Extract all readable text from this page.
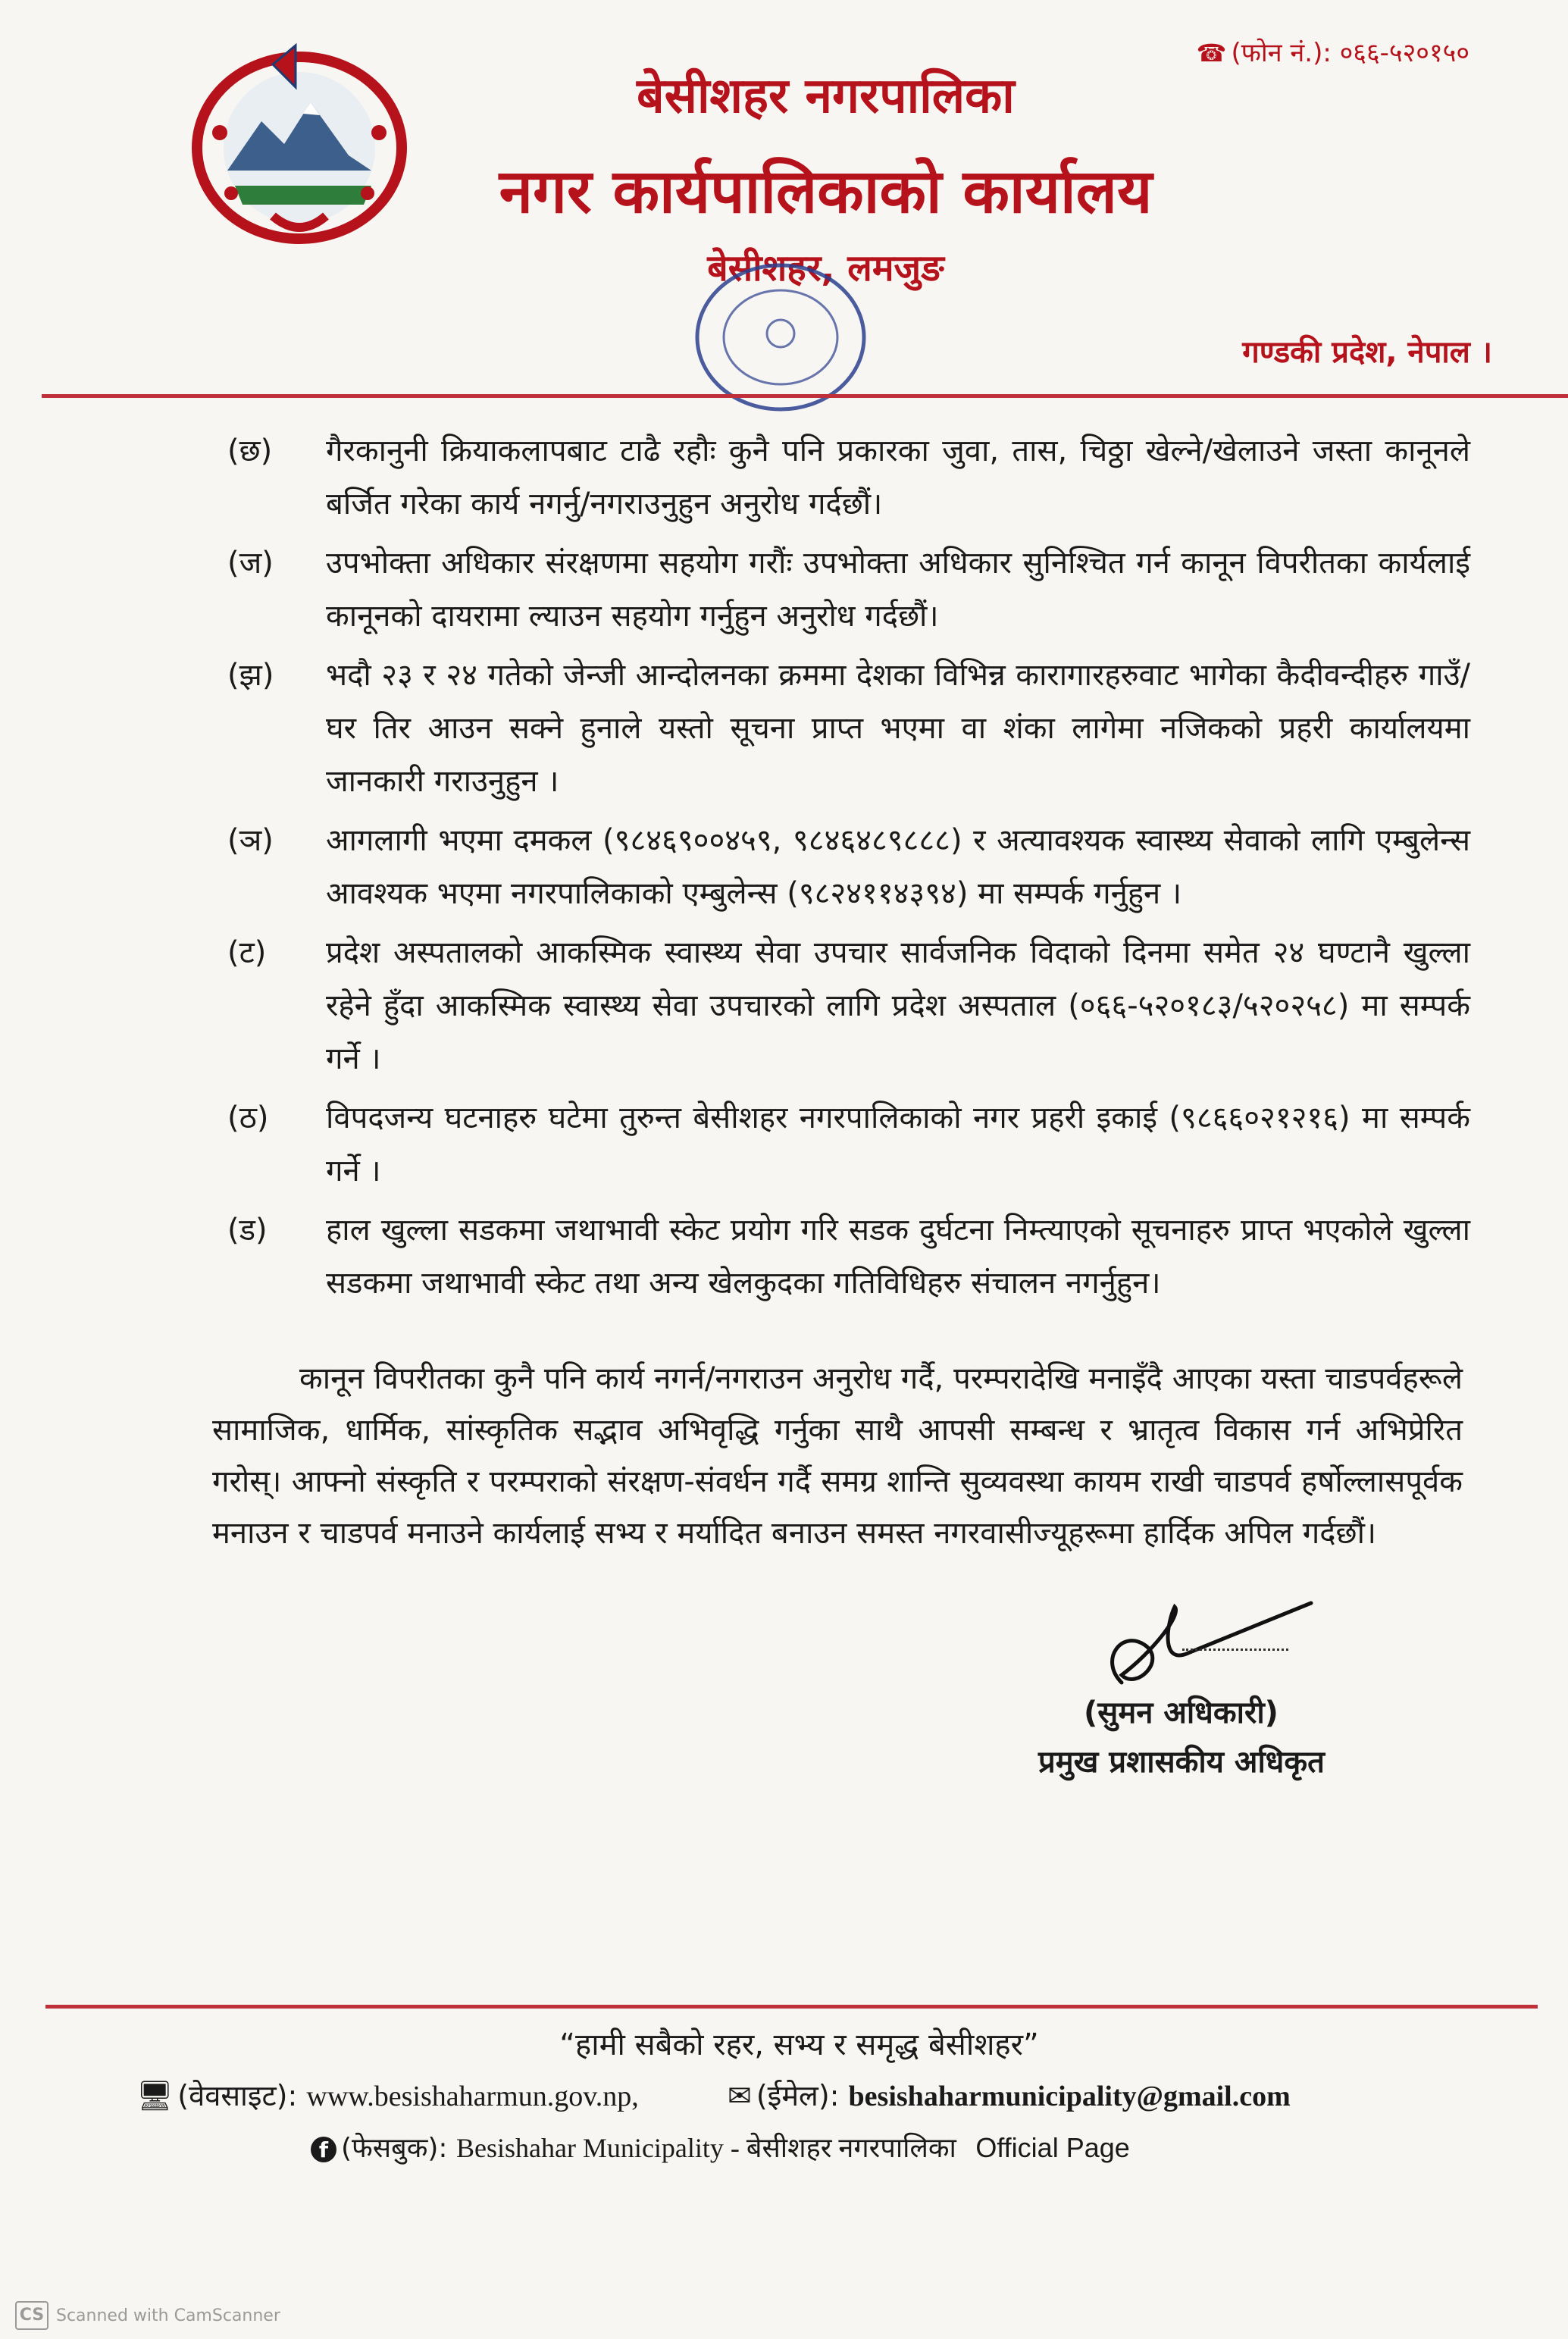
☎ (फोन नं.): ०६६-५२०१५०
बेसीशहर नगरपालिका
नगर कार्यपालिकाको कार्यालय
बेसीशहर, लमजुङ
गण्डकी प्रदेश, नेपाल ।
(छ)	गैरकानुनी क्रियाकलापबाट टाढै रहौः कुनै पनि प्रकारका जुवा, तास, चिठ्ठा खेल्ने/खेलाउने जस्ता कानूनले बर्जित गरेका कार्य नगर्नु/नगराउनुहुन अनुरोध गर्दछौं।
(ज)	उपभोक्ता अधिकार संरक्षणमा सहयोग गरौंः उपभोक्ता अधिकार सुनिश्चित गर्न कानून विपरीतका कार्यलाई कानूनको दायरामा ल्याउन सहयोग गर्नुहुन अनुरोध गर्दछौं।
(झ)	भदौ २३ र २४ गतेको जेन्जी आन्दोलनका क्रममा देशका विभिन्न कारागारहरुवाट भागेका कैदीवन्दीहरु गाउँ/घर तिर आउन सक्ने हुनाले यस्तो सूचना प्राप्त भएमा वा शंका लागेमा नजिकको प्रहरी कार्यालयमा जानकारी गराउनुहुन ।
(ञ)	आगलागी भएमा दमकल (९८४६९००४५९, ९८४६४८९८८८) र अत्यावश्यक स्वास्थ्य सेवाको लागि एम्बुलेन्स आवश्यक भएमा नगरपालिकाको एम्बुलेन्स (९८२४११४३९४) मा सम्पर्क गर्नुहुन ।
(ट)	प्रदेश अस्पतालको आकस्मिक स्वास्थ्य सेवा उपचार सार्वजनिक विदाको दिनमा समेत २४ घण्टानै खुल्ला रहेने हुँदा आकस्मिक स्वास्थ्य सेवा उपचारको लागि प्रदेश अस्पताल (०६६-५२०१८३/५२०२५८) मा सम्पर्क गर्ने ।
(ठ)	विपदजन्य घटनाहरु घटेमा तुरुन्त बेसीशहर नगरपालिकाको नगर प्रहरी इकाई (९८६६०२१२१६) मा सम्पर्क गर्ने ।
(ड)	हाल खुल्ला सडकमा जथाभावी स्केट प्रयोग गरि सडक दुर्घटना निम्त्याएको सूचनाहरु प्राप्त भएकोले खुल्ला सडकमा जथाभावी स्केट तथा अन्य खेलकुदका गतिविधिहरु संचालन नगर्नुहुन।
कानून विपरीतका कुनै पनि कार्य नगर्न/नगराउन अनुरोध गर्दै, परम्परादेखि मनाइँदै आएका यस्ता चाडपर्वहरूले सामाजिक, धार्मिक, सांस्कृतिक सद्भाव अभिवृद्धि गर्नुका साथै आपसी सम्बन्ध र भ्रातृत्व विकास गर्न अभिप्रेरित गरोस्। आफ्नो संस्कृति र परम्पराको संरक्षण-संवर्धन गर्दै समग्र शान्ति सुव्यवस्था कायम राखी चाडपर्व हर्षोल्लासपूर्वक मनाउन र चाडपर्व मनाउने कार्यलाई सभ्य र मर्यादित बनाउन समस्त नगरवासीज्यूहरूमा हार्दिक अपिल गर्दछौं।
(सुमन अधिकारी)
प्रमुख प्रशासकीय अधिकृत
“हामी सबैको रहर, सभ्य र समृद्ध बेसीशहर”
🖥 (वेवसाइट): www.besishaharmun.gov.np,	✉ (ईमेल): besishaharmunicipality@gmail.com
f (फेसबुक): Besishahar Municipality - बेसीशहर नगरपालिका Official Page
CS Scanned with CamScanner
